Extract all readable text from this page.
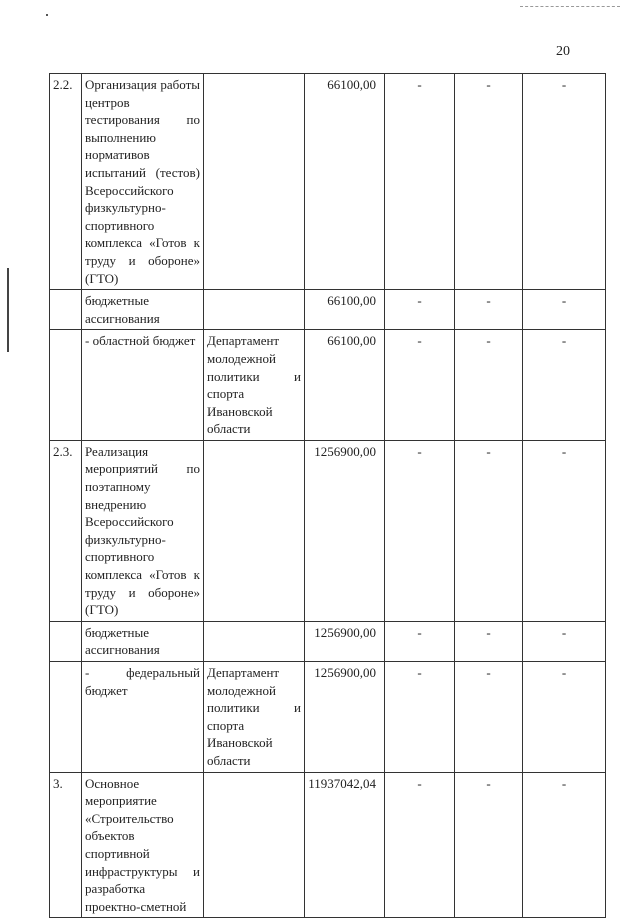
20
2.2.	Организация работы центров тестирования по выполнению нормативов испытаний (тестов) Всероссийского физкультурно-спортивного комплекса «Готов к труду и обороне» (ГТО)		66100,00	-	-	-
	бюджетные ассигнования		66100,00	-	-	-
	- областной бюджет	Департамент молодежной политики и спорта Ивановской области	66100,00	-	-	-
2.3.	Реализация мероприятий по поэтапному внедрению Всероссийского физкультурно-спортивного комплекса «Готов к труду и обороне» (ГТО)		1256900,00	-	-	-
	бюджетные ассигнования		1256900,00	-	-	-
	- федеральный бюджет	Департамент молодежной политики и спорта Ивановской области	1256900,00	-	-	-
3.	Основное мероприятие «Строительство объектов спортивной инфраструктуры и разработка проектно-сметной		11937042,04	-	-	-
